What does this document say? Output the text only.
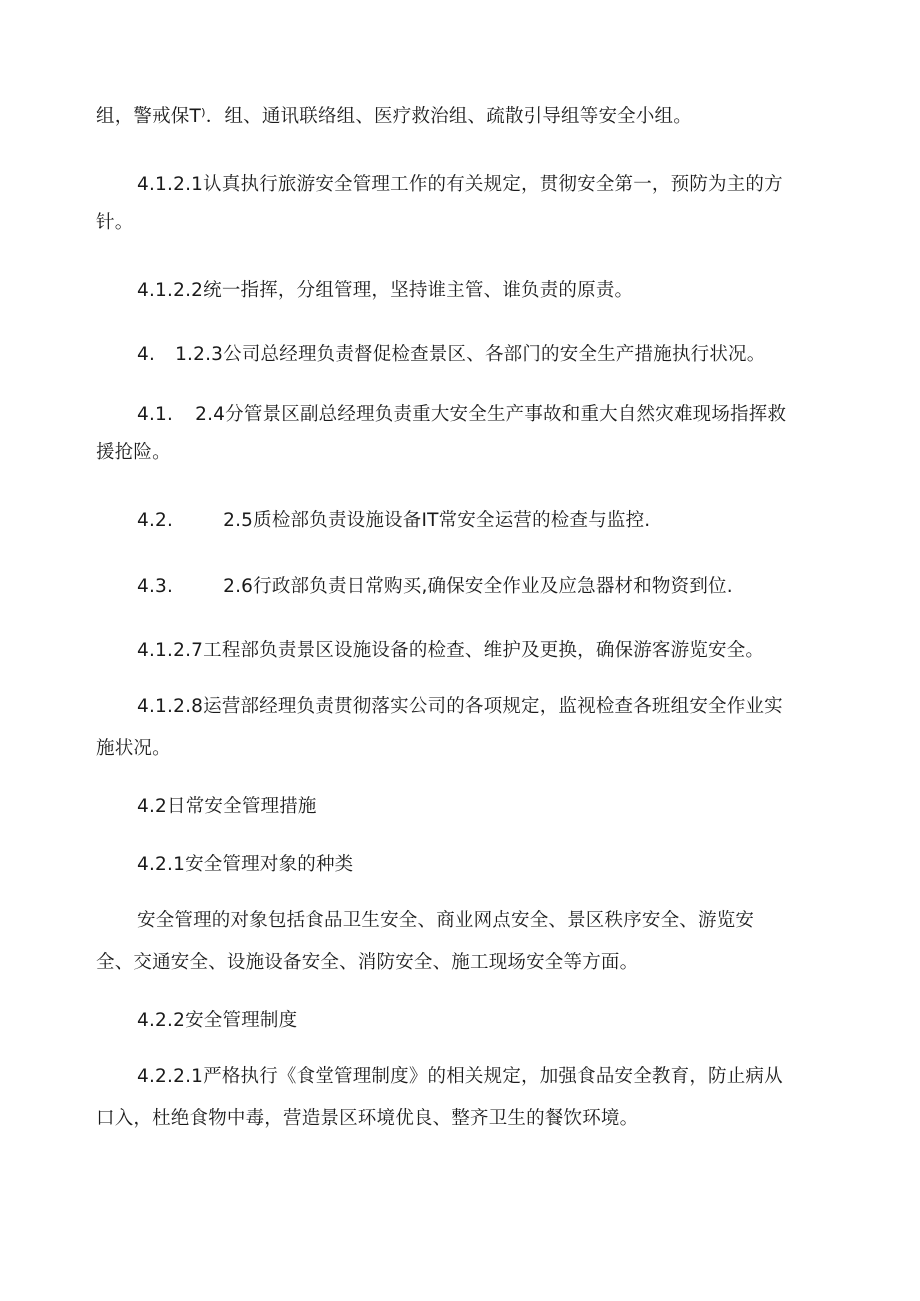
组，警戒保T⁾．组、通讯联络组、医疗救治组、疏散引导组等安全小组。
4.1.2.1认真执行旅游安全管理工作的有关规定，贯彻安全第一，预防为主的方
针。
4.1.2.2统一指挥，分组管理，坚持谁主管、谁负责的原责。
4. 1.2.3公司总经理负责督促检查景区、各部门的安全生产措施执行状况。
4.1. 2.4分管景区副总经理负责重大安全生产事故和重大自然灾难现场指挥救
援抢险。
4.2.	2.5质检部负责设施设备IT常安全运营的检查与监控.
4.3.	2.6行政部负责日常购买,确保安全作业及应急器材和物资到位.
4.1.2.7工程部负责景区设施设备的检查、维护及更换，确保游客游览安全。
4.1.2.8运营部经理负责贯彻落实公司的各项规定，监视检查各班组安全作业实
施状况。
4.2日常安全管理措施
4.2.1安全管理对象的种类
安全管理的对象包括食品卫生安全、商业网点安全、景区秩序安全、游览安
全、交通安全、设施设备安全、消防安全、施工现场安全等方面。
4.2.2安全管理制度
4.2.2.1严格执行《食堂管理制度》的相关规定，加强食品安全教育，防止病从
口入，杜绝食物中毒，营造景区环境优良、整齐卫生的餐饮环境。
